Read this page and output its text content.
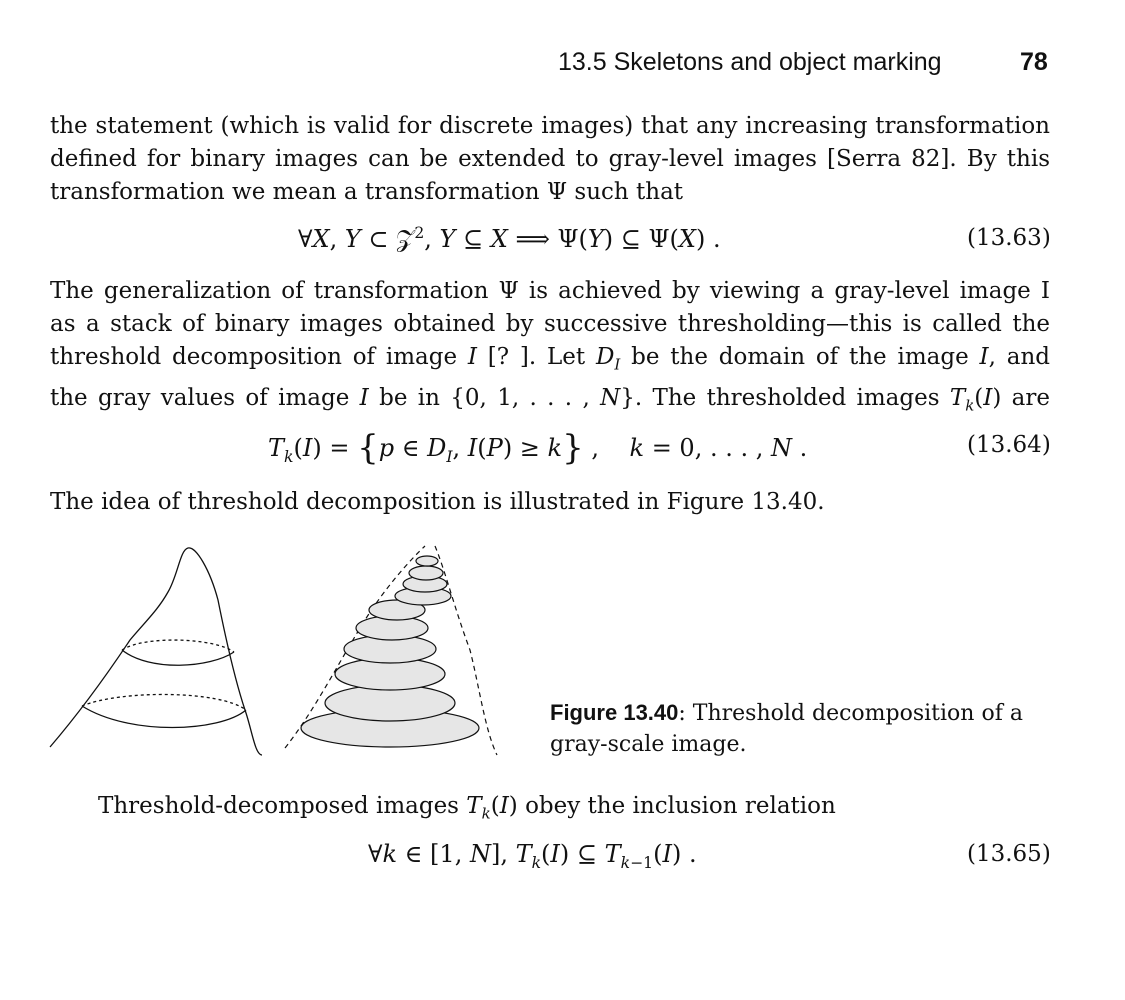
13.5 Skeletons and object marking	78
the statement (which is valid for discrete images) that any increasing transformation
defined for binary images can be extended to gray-level images [Serra 82]. By this
transformation we mean a transformation Ψ such that
∀X, Y ⊂ 𝒵$^2$, Y ⊆ X ⟹ Ψ(Y) ⊆ Ψ(X) .	(13.63)
The generalization of transformation Ψ is achieved by viewing a gray-level image I
as a stack of binary images obtained by successive thresholding—this is called the
threshold decomposition of image I [? ]. Let $D_I$ be the domain of the image I, and
the gray values of image I be in {0, 1, . . . , N}. The thresholded images $T_k(I)$ are
$T_k(I) = \{p$ ∈ $D_I$, I(P) ≥ k} ,    k = 0, . . . , N .	(13.64)
The idea of threshold decomposition is illustrated in Figure 13.40.
Figure 13.40: Threshold decomposition of a gray-scale image.
Threshold-decomposed images $T_k(I)$ obey the inclusion relation
∀k ∈ [1, N], $T_k(I)$ ⊆ $T_{k-1}(I)$ .	(13.65)
